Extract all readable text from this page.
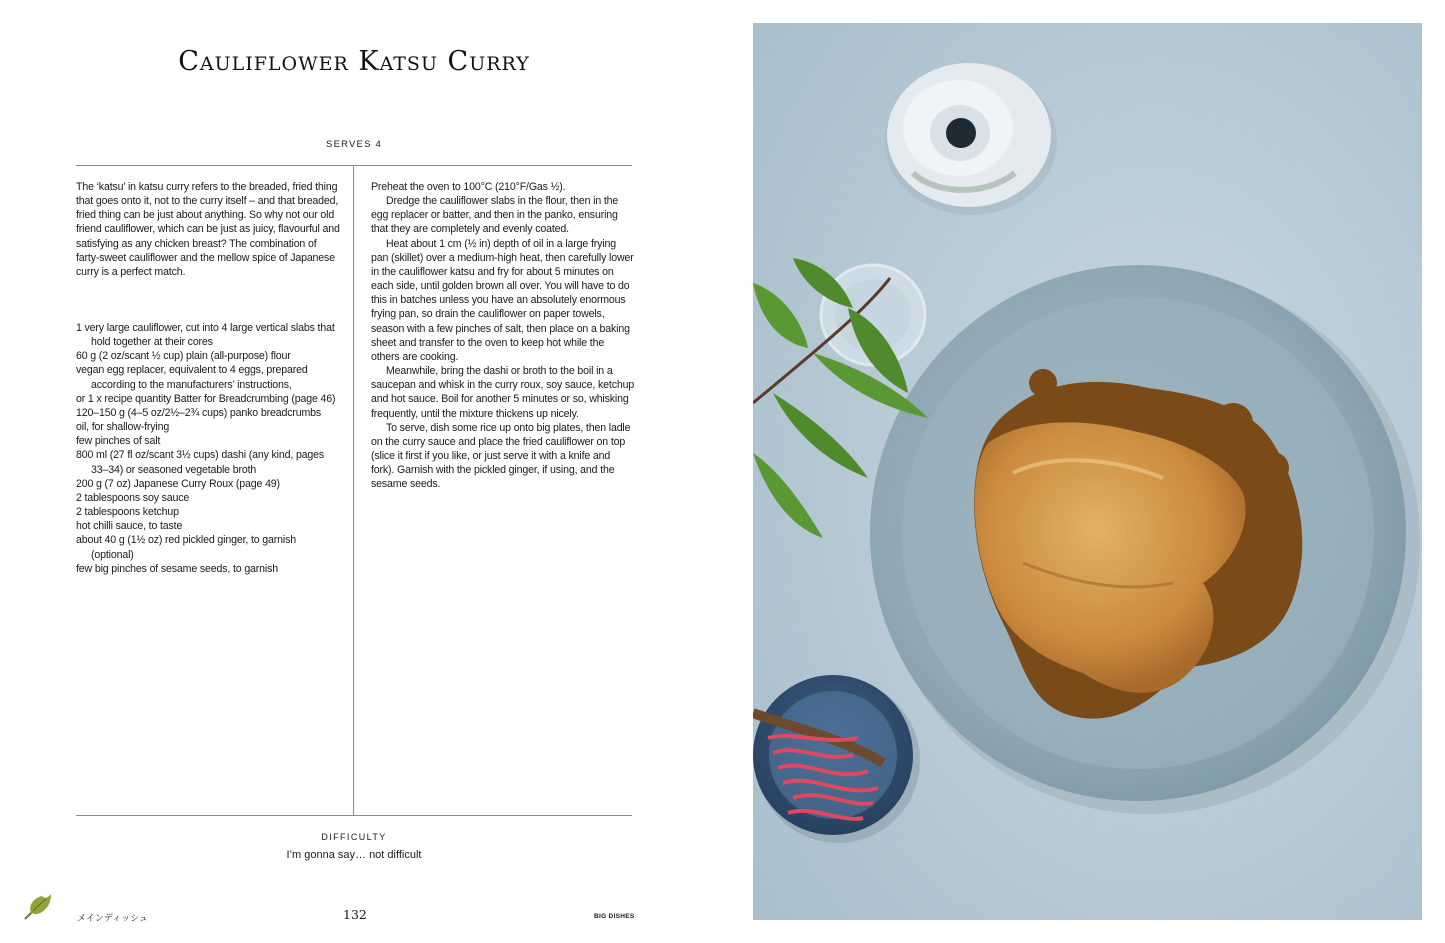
Cauliflower Katsu Curry
SERVES 4

The ‘katsu’ in katsu curry refers to the breaded, fried thing that goes onto it, not to the curry itself – and that breaded, fried thing can be just about anything. So why not our old friend cauliflower, which can be just as juicy, flavourful and satisfying as any chicken breast? The combination of farty-sweet cauliflower and the mellow spice of Japanese curry is a perfect match.

1 very large cauliflower, cut into 4 large vertical slabs that hold together at their cores

60 g (2 oz/scant ½ cup) plain (all-purpose) flour

vegan egg replacer, equivalent to 4 eggs, prepared according to the manufacturers’ instructions,

or 1 x recipe quantity Batter for Breadcrumbing (page 46)

120–150 g (4–5 oz/2½–2¾ cups) panko breadcrumbs

oil, for shallow-frying

few pinches of salt

800 ml (27 fl oz/scant 3½ cups) dashi (any kind, pages 33–34) or seasoned vegetable broth

200 g (7 oz) Japanese Curry Roux (page 49)

2 tablespoons soy sauce

2 tablespoons ketchup

hot chilli sauce, to taste

about 40 g (1½ oz) red pickled ginger, to garnish (optional)

few big pinches of sesame seeds, to garnish

Preheat the oven to 100°C (210°F/Gas ½).

Dredge the cauliflower slabs in the flour, then in the egg replacer or batter, and then in the panko, ensuring that they are completely and evenly coated.

Heat about 1 cm (½ in) depth of oil in a large frying pan (skillet) over a medium-high heat, then carefully lower in the cauliflower katsu and fry for about 5 minutes on each side, until golden brown all over. You will have to do this in batches unless you have an absolutely enormous frying pan, so drain the cauliflower on paper towels, season with a few pinches of salt, then place on a baking sheet and transfer to the oven to keep hot while the others are cooking.

Meanwhile, bring the dashi or broth to the boil in a saucepan and whisk in the curry roux, soy sauce, ketchup and hot sauce. Boil for another 5 minutes or so, whisking frequently, until the mixture thickens up nicely.

To serve, dish some rice up onto big plates, then ladle on the curry sauce and place the fried cauliflower on top (slice it first if you like, or just serve it with a knife and fork). Garnish with the pickled ginger, if using, and the sesame seeds.

DIFFICULTY
I’m gonna say… not difficult
メインディッシュ	132	BIG DISHES
